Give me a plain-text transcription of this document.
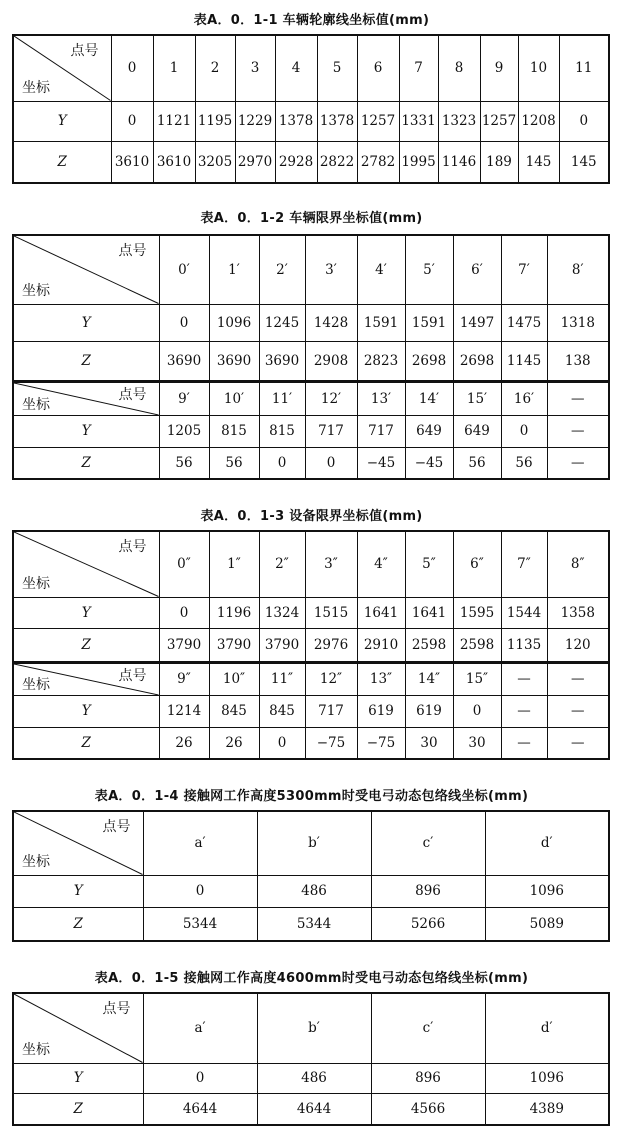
表A．0．1-1 车辆轮廓线坐标值(mm)
点号
坐标	0	1	2	3	4	5	6	7	8	9	10	11
Y	0	1121	1195	1229	1378	1378	1257	1331	1323	1257	1208	0
Z	3610	3610	3205	2970	2928	2822	2782	1995	1146	189	145	145
表A．0．1-2 车辆限界坐标值(mm)
点号
坐标	0′	1′	2′	3′	4′	5′	6′	7′	8′
Y	0	1096	1245	1428	1591	1591	1497	1475	1318
Z	3690	3690	3690	2908	2823	2698	2698	1145	138

点号
坐标	9′	10′	11′	12′	13′	14′	15′	16′	—
Y	1205	815	815	717	717	649	649	0	—
Z	56	56	0	0	−45	−45	56	56	—
表A．0．1-3 设备限界坐标值(mm)
点号
坐标	0″	1″	2″	3″	4″	5″	6″	7″	8″
Y	0	1196	1324	1515	1641	1641	1595	1544	1358
Z	3790	3790	3790	2976	2910	2598	2598	1135	120

点号
坐标	9″	10″	11″	12″	13″	14″	15″	—	—
Y	1214	845	845	717	619	619	0	—	—
Z	26	26	0	−75	−75	30	30	—	—
表A．0．1-4 接触网工作高度5300mm时受电弓动态包络线坐标(mm)
点号
坐标	a′	b′	c′	d′
Y	0	486	896	1096
Z	5344	5344	5266	5089
表A．0．1-5 接触网工作高度4600mm时受电弓动态包络线坐标(mm)
点号
坐标	a′	b′	c′	d′
Y	0	486	896	1096
Z	4644	4644	4566	4389
